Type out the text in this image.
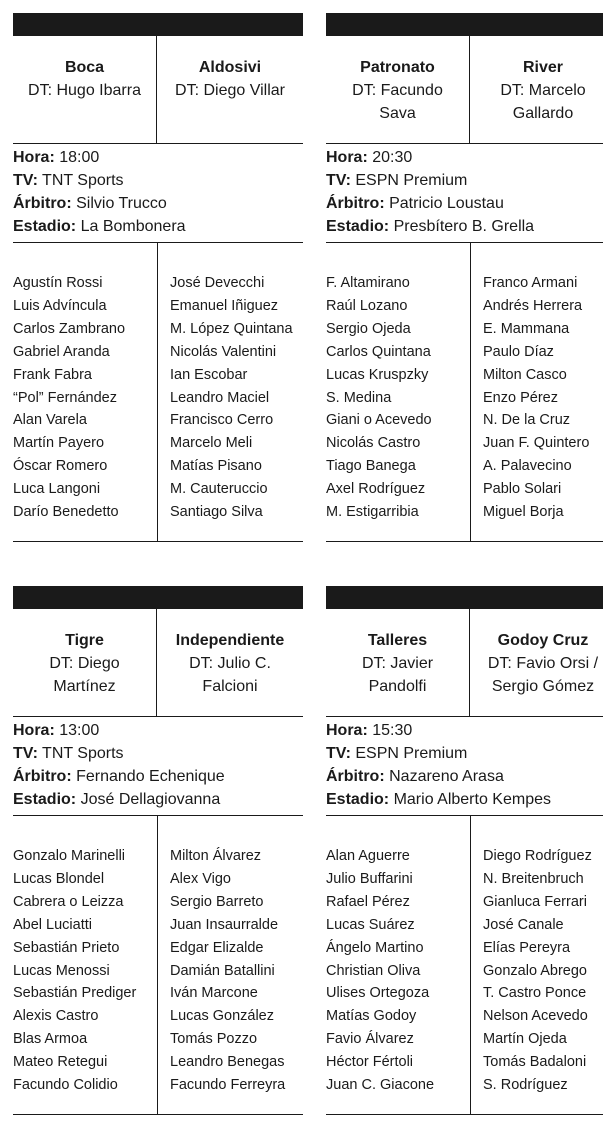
Boca
DT: Hugo Ibarra
Aldosivi
DT: Diego Villar
Hora: 18:00
TV: TNT Sports
Árbitro: Silvio Trucco
Estadio: La Bombonera
Agustín Rossi
Luis Advíncula
Carlos Zambrano
Gabriel Aranda
Frank Fabra
“Pol” Fernández
Alan Varela
Martín Payero
Óscar Romero
Luca Langoni
Darío Benedetto
José Devecchi
Emanuel Iñiguez
M. López Quintana
Nicolás Valentini
Ian Escobar
Leandro Maciel
Francisco Cerro
Marcelo Meli
Matías Pisano
M. Cauteruccio
Santiago Silva
Patronato
DT: Facundo Sava
River
DT: Marcelo Gallardo
Hora: 20:30
TV: ESPN Premium
Árbitro: Patricio Loustau
Estadio: Presbítero B. Grella
F. Altamirano
Raúl Lozano
Sergio Ojeda
Carlos Quintana
Lucas Kruspzky
S. Medina
Giani o Acevedo
Nicolás Castro
Tiago Banega
Axel Rodríguez
M. Estigarribia
Franco Armani
Andrés Herrera
E. Mammana
Paulo Díaz
Milton Casco
Enzo Pérez
N. De la Cruz
Juan F. Quintero
A. Palavecino
Pablo Solari
Miguel Borja
Tigre
DT: Diego Martínez
Independiente
DT: Julio C. Falcioni
Hora: 13:00
TV: TNT Sports
Árbitro: Fernando Echenique
Estadio: José Dellagiovanna
Gonzalo Marinelli
Lucas Blondel
Cabrera o Leizza
Abel Luciatti
Sebastián Prieto
Lucas Menossi
Sebastián Prediger
Alexis Castro
Blas Armoa
Mateo Retegui
Facundo Colidio
Milton Álvarez
Alex Vigo
Sergio Barreto
Juan Insaurralde
Edgar Elizalde
Damián Batallini
Iván Marcone
Lucas González
Tomás Pozzo
Leandro Benegas
Facundo Ferreyra
Talleres
DT: Javier Pandolfi
Godoy Cruz
DT: Favio Orsi / Sergio Gómez
Hora: 15:30
TV: ESPN Premium
Árbitro: Nazareno Arasa
Estadio: Mario Alberto Kempes
Alan Aguerre
Julio Buffarini
Rafael Pérez
Lucas Suárez
Ángelo Martino
Christian Oliva
Ulises Ortegoza
Matías Godoy
Favio Álvarez
Héctor Fértoli
Juan C. Giacone
Diego Rodríguez
N. Breitenbruch
Gianluca Ferrari
José Canale
Elías Pereyra
Gonzalo Abrego
T. Castro Ponce
Nelson Acevedo
Martín Ojeda
Tomás Badaloni
S. Rodríguez
